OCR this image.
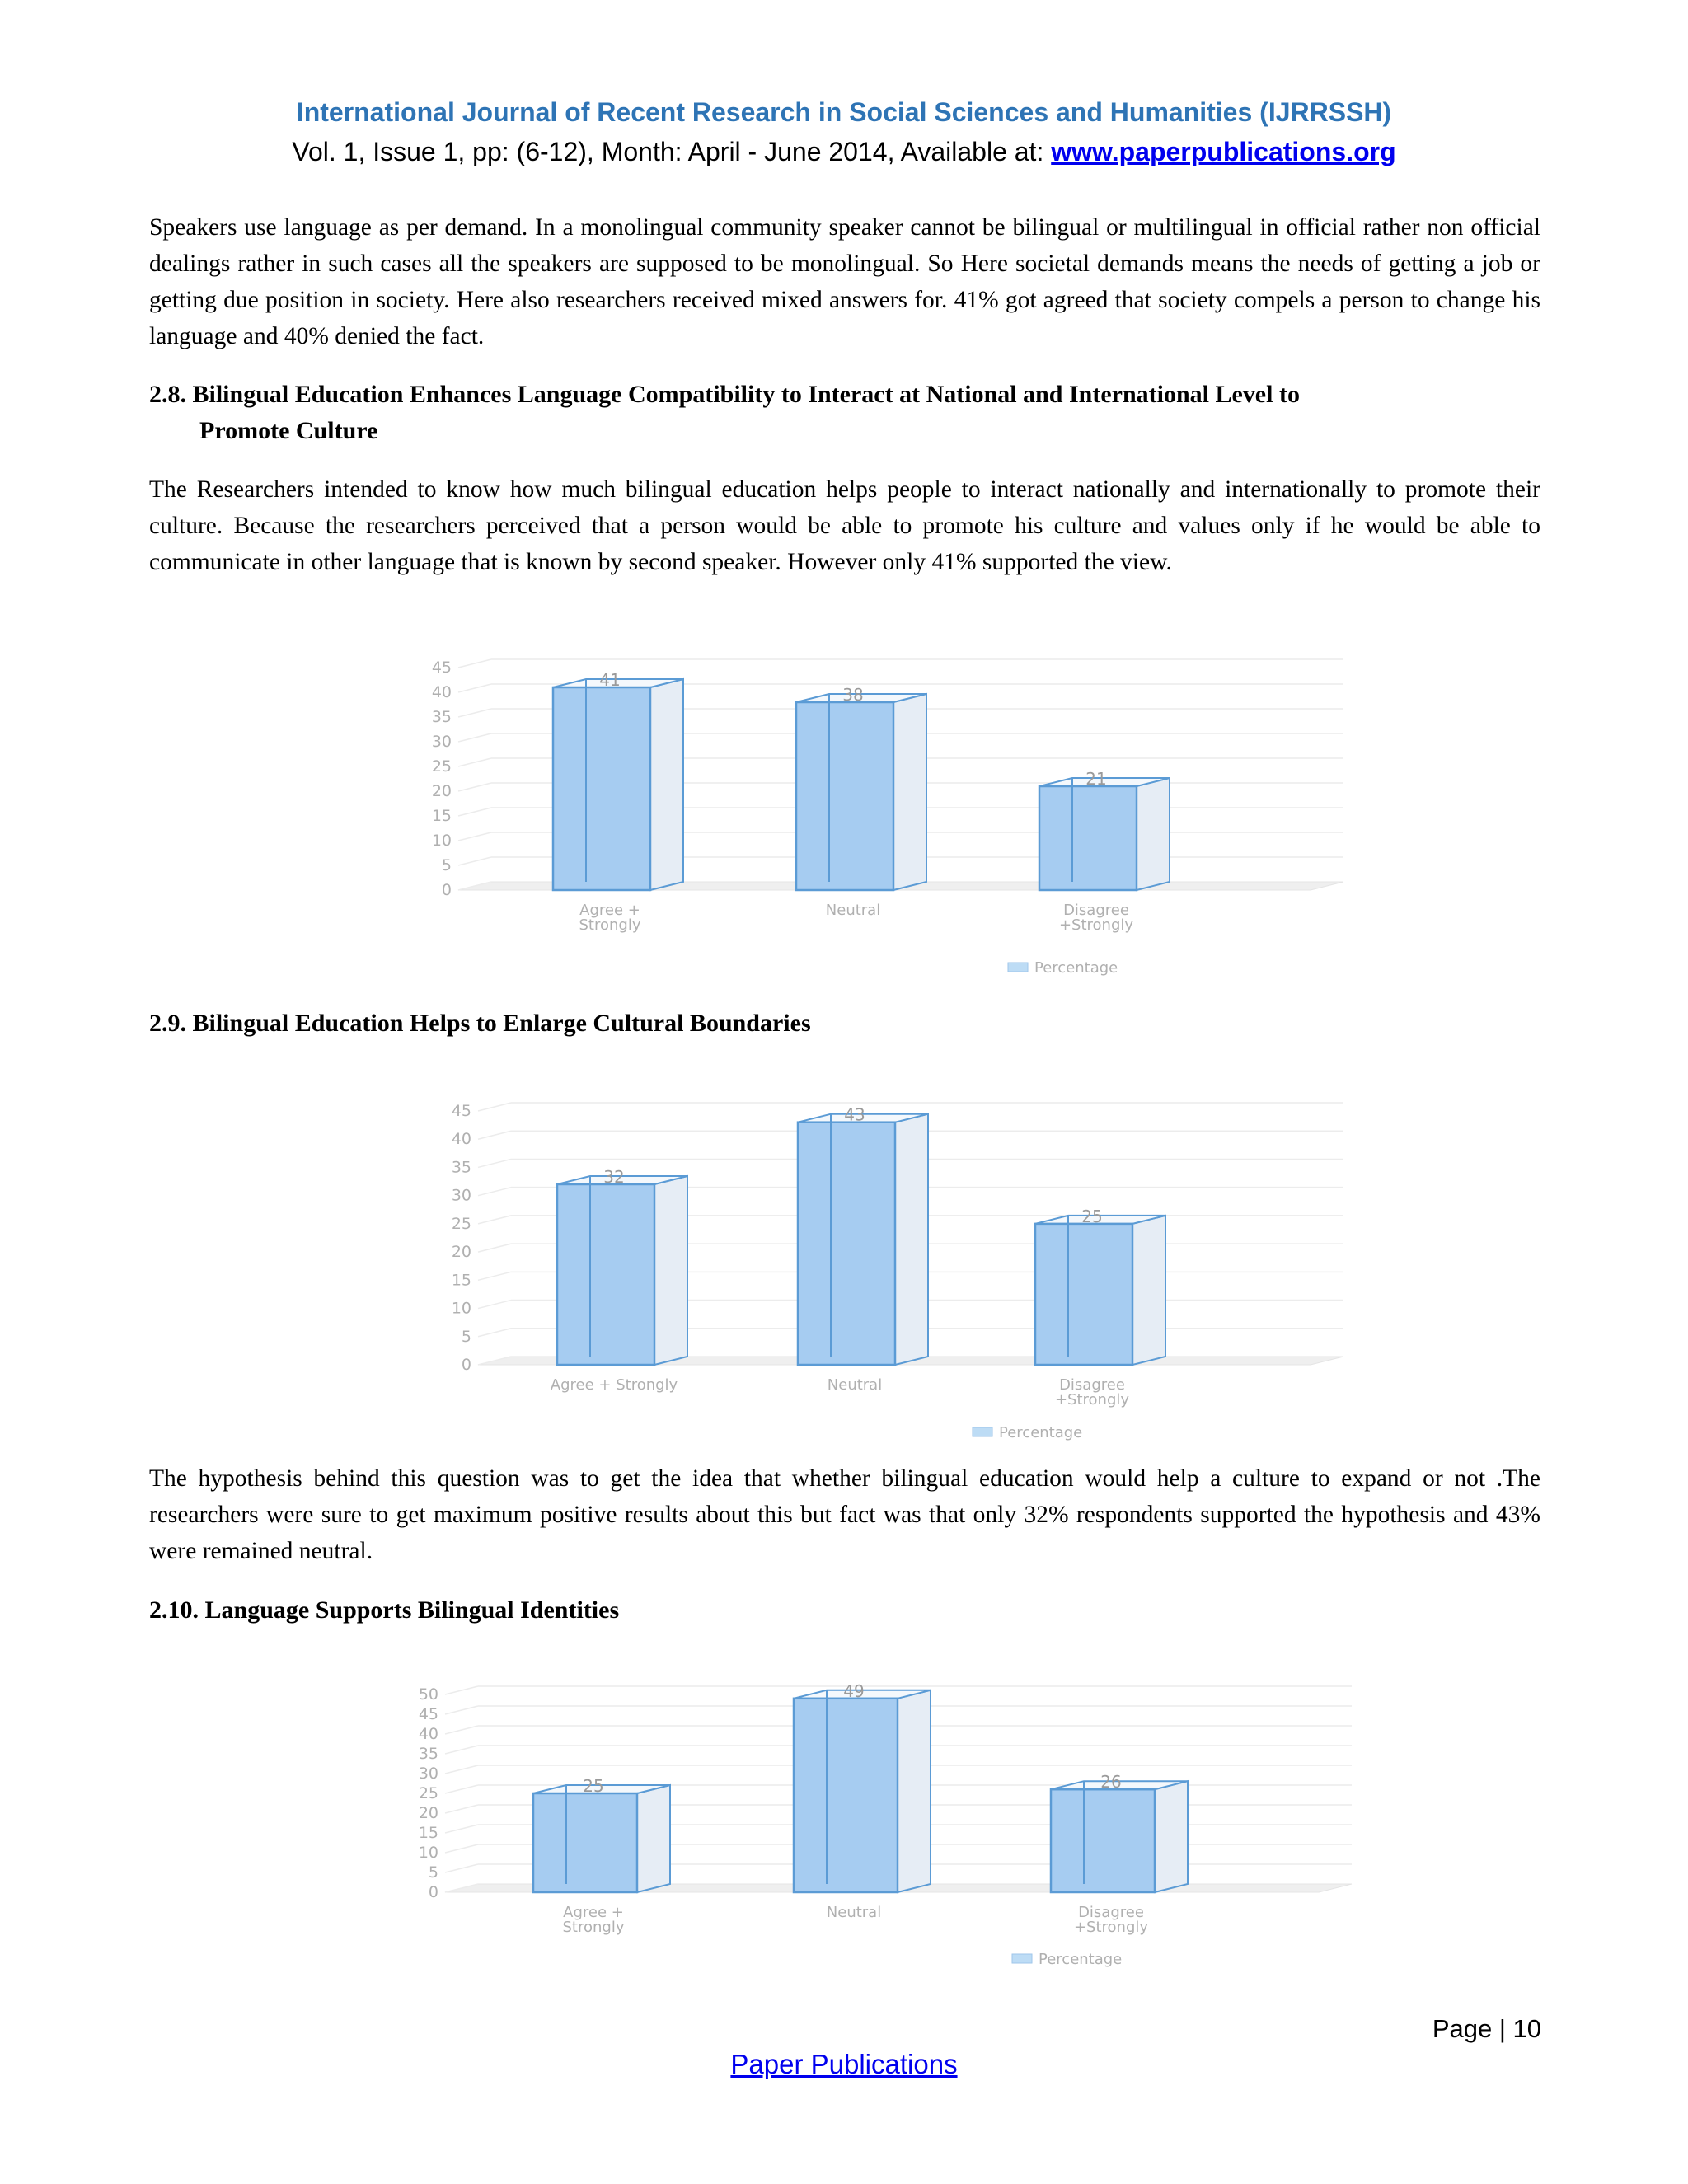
International Journal of Recent Research in Social Sciences and Humanities (IJRRSSH)
Vol. 1, Issue 1, pp: (6-12), Month: April - June 2014, Available at: www.paperpublications.org

Speakers use language as per demand. In a monolingual community speaker cannot be bilingual or multilingual in official rather non official dealings rather in such cases all the speakers are supposed to be monolingual. So Here societal demands means the needs of getting a job or getting due position in society. Here also researchers received mixed answers for. 41% got agreed that society compels a person to change his language and 40% denied the fact.

2.8. Bilingual Education Enhances Language Compatibility to Interact at National and International Level to
Promote Culture

The Researchers intended to know how much bilingual education helps people to interact nationally and internationally to promote their culture. Because the researchers perceived that a person would be able to promote his culture and values only if he would be able to communicate in other language that is known by second speaker. However only 41% supported the view.

0
5
10
15
20
25
30
35
40
45
41
Agree +
Strongly
38
Neutral
21
Disagree
+Strongly
Percentage
2.9. Bilingual Education Helps to Enlarge Cultural Boundaries
0
5
10
15
20
25
30
35
40
45
32
Agree + Strongly
43
Neutral
25
Disagree
+Strongly
Percentage

The hypothesis behind this question was to get the idea that whether bilingual education would help a culture to expand or not .The researchers were sure to get maximum positive results about this but fact was that only 32% respondents supported the hypothesis and 43% were remained neutral.

2.10. Language Supports Bilingual Identities
0
5
10
15
20
25
30
35
40
45
50
25
Agree +
Strongly
49
Neutral
26
Disagree
+Strongly
Percentage
Page | 10
Paper Publications
